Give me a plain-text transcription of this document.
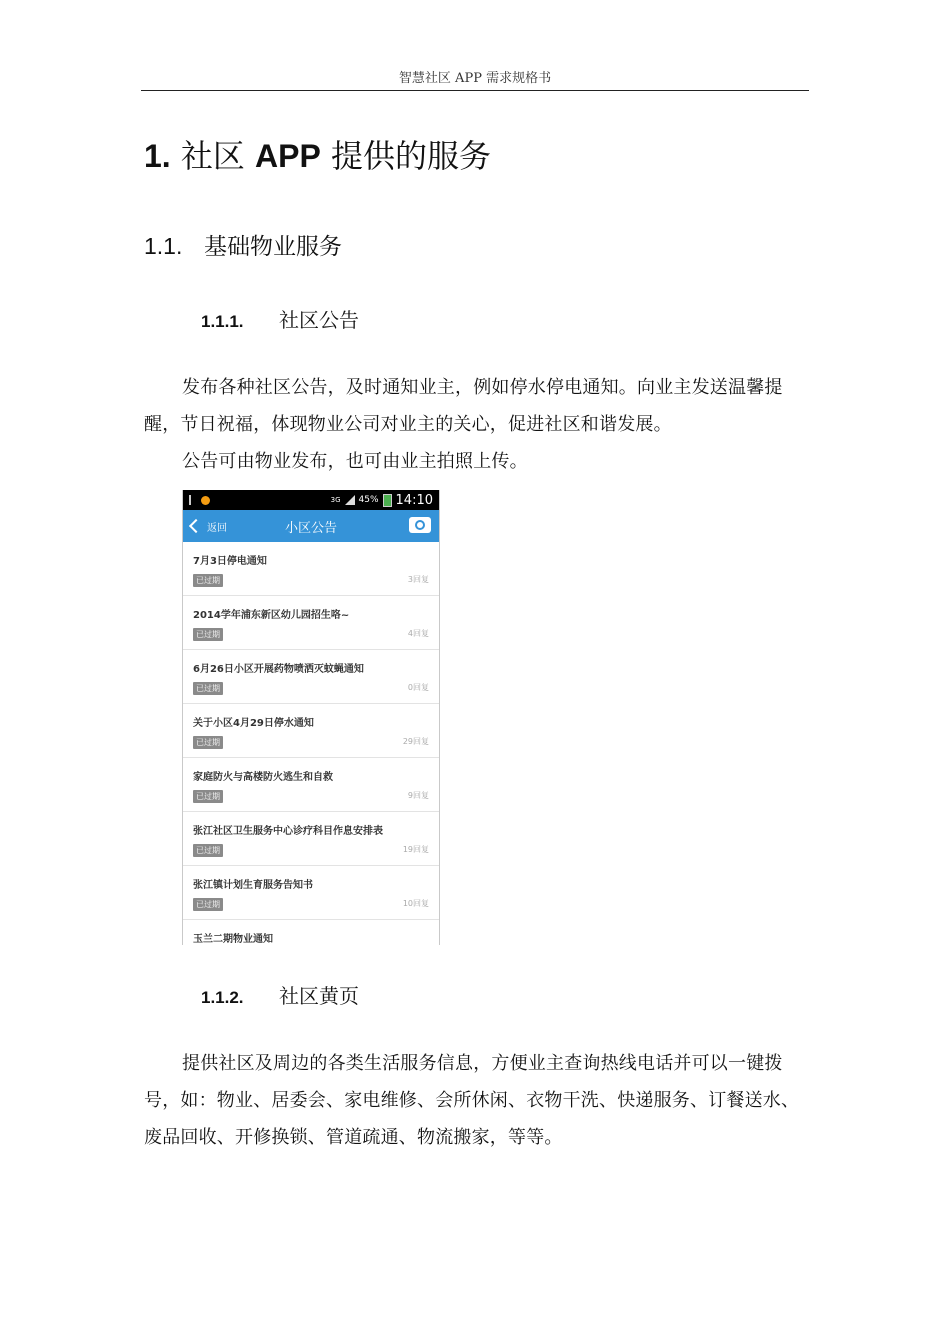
智慧社区 APP 需求规格书
1. 社区 APP 提供的服务
1.1. 基础物业服务
1.1.1. 社区公告

发布各种社区公告，及时通知业主，例如停水停电通知。向业主发送温馨提醒，节日祝福，体现物业公司对业主的关心，促进社区和谐发展。

公告可由物业发布，也可由业主拍照上传。

3G 45% 14:10
返回	小区公告
7月3日停电通知
已过期	3回复
2014学年浦东新区幼儿园招生咯~
已过期	4回复
6月26日小区开展药物喷洒灭蚊蝇通知
已过期	0回复
关于小区4月29日停水通知
已过期	29回复
家庭防火与高楼防火逃生和自救
已过期	9回复
张江社区卫生服务中心诊疗科目作息安排表
已过期	19回复
张江镇计划生育服务告知书
已过期	10回复
玉兰二期物业通知
1.1.2. 社区黄页

提供社区及周边的各类生活服务信息，方便业主查询热线电话并可以一键拨号，如：物业、居委会、家电维修、会所休闲、衣物干洗、快递服务、订餐送水、废品回收、开修换锁、管道疏通、物流搬家，等等。
